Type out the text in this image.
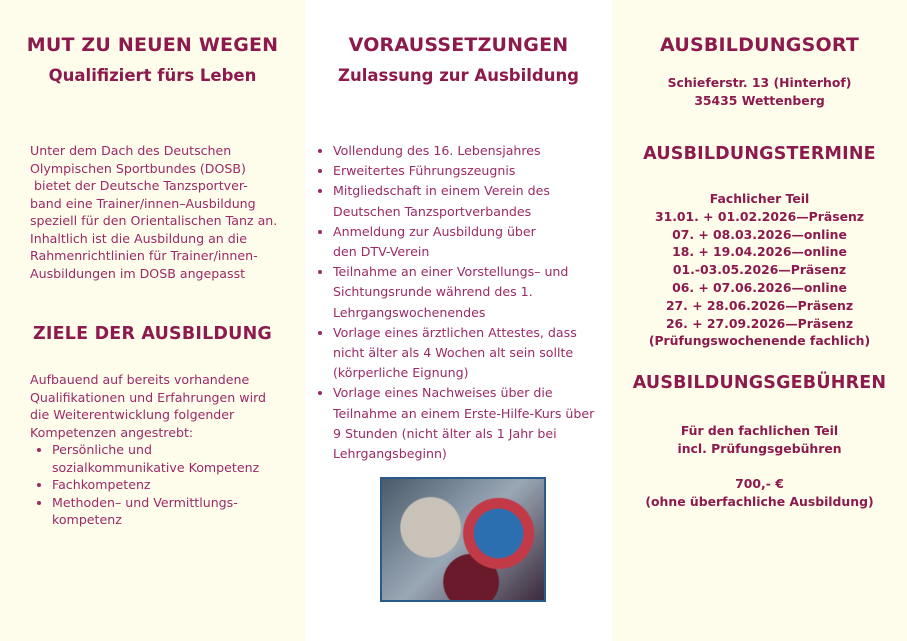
MUT ZU NEUEN WEGEN
Qualifiziert fürs Leben

Unter dem Dach des Deutschen

Olympischen Sportbundes (DOSB)

bietet der Deutsche Tanzsportver-

band eine Trainer/innen–Ausbildung

speziell für den Orientalischen Tanz an.

Inhaltlich ist die Ausbildung an die

Rahmenrichtlinien für Trainer/innen-

Ausbildungen im DOSB angepasst

ZIELE DER AUSBILDUNG

Aufbauend auf bereits vorhandene

Qualifikationen und Erfahrungen wird

die Weiterentwicklung folgender

Kompetenzen angestrebt:

• Persönliche und
sozialkommunikative Kompetenz
• Fachkompetenz
• Methoden– und Vermittlungs-
kompetenz
VORAUSSETZUNGEN
Zulassung zur Ausbildung
• Vollendung des 16. Lebensjahres
• Erweitertes Führungszeugnis
• Mitgliedschaft in einem Verein des
Deutschen Tanzsportverbandes
• Anmeldung zur Ausbildung über
den DTV-Verein
• Teilnahme an einer Vorstellungs– und
Sichtungsrunde während des 1.
Lehrgangswochenendes
• Vorlage eines ärztlichen Attestes, dass
nicht älter als 4 Wochen alt sein sollte
(körperliche Eignung)
• Vorlage eines Nachweises über die
Teilnahme an einem Erste-Hilfe-Kurs über
9 Stunden (nicht älter als 1 Jahr bei
Lehrgangsbeginn)
AUSBILDUNGSORT

Schieferstr. 13 (Hinterhof)

35435 Wettenberg

AUSBILDUNGSTERMINE

Fachlicher Teil

31.01. + 01.02.2026—Präsenz

07. + 08.03.2026—online

18. + 19.04.2026—online

01.-03.05.2026—Präsenz

06. + 07.06.2026—online

27. + 28.06.2026—Präsenz

26. + 27.09.2026—Präsenz

(Prüfungswochenende fachlich)

AUSBILDUNGSGEBÜHREN

Für den fachlichen Teil

incl. Prüfungsgebühren

700,- €

(ohne überfachliche Ausbildung)
